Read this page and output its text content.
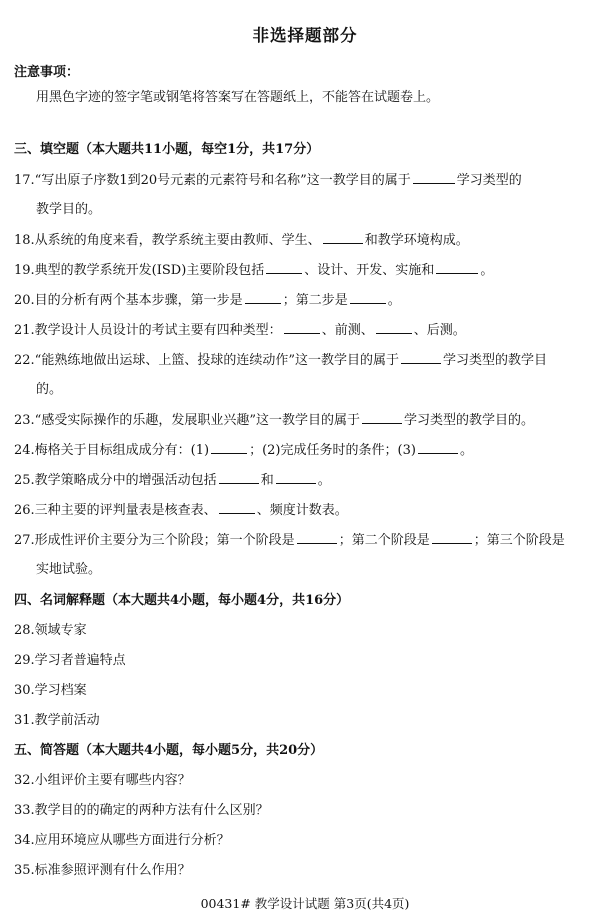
非选择题部分
注意事项：
用黑色字迹的签字笔或钢笔将答案写在答题纸上，不能答在试题卷上。
三、填空题（本大题共11小题，每空1分，共17分）
17.“写出原子序数1到20号元素的元素符号和名称”这一教学目的属于	学习类型的
教学目的。
18.从系统的角度来看，教学系统主要由教师、学生、	和教学环境构成。
19.典型的教学系统开发(ISD)主要阶段包括	、设计、开发、实施和	。
20.目的分析有两个基本步骤，第一步是	；第二步是	。
21.教学设计人员设计的考试主要有四种类型：	、前测、	、后测。
22.“能熟练地做出运球、上篮、投球的连续动作”这一教学目的属于	学习类型的教学目
的。
23.“感受实际操作的乐趣，发展职业兴趣”这一教学目的属于	学习类型的教学目的。
24.梅格关于目标组成成分有：(1)	；(2)完成任务时的条件；(3)	。
25.教学策略成分中的增强活动包括	和	。
26.三种主要的评判量表是核查表、	、频度计数表。
27.形成性评价主要分为三个阶段；第一个阶段是	；第二个阶段是	；第三个阶段是
实地试验。
四、名词解释题（本大题共4小题，每小题4分，共16分）
28.领域专家
29.学习者普遍特点
30.学习档案
31.教学前活动
五、简答题（本大题共4小题，每小题5分，共20分）
32.小组评价主要有哪些内容？
33.教学目的的确定的两种方法有什么区别？
34.应用环境应从哪些方面进行分析？
35.标准参照评测有什么作用？
00431# 教学设计试题 第3页(共4页)
